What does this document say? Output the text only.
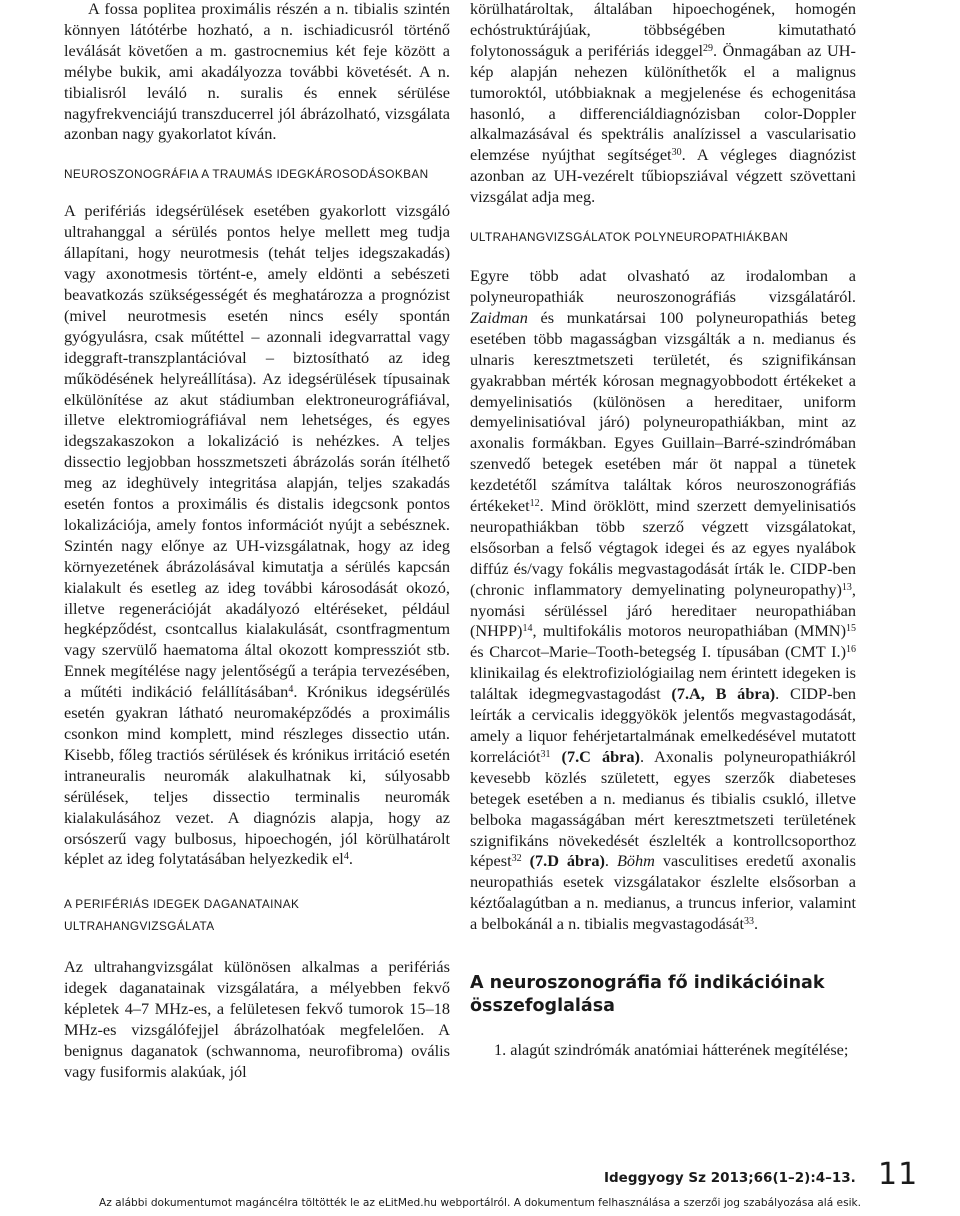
A fossa poplitea proximális részén a n. tibialis szintén könnyen látótérbe hozható, a n. ischiadicusról történő leválását követően a m. gastrocnemius két feje között a mélybe bukik, ami akadályozza további követését. A n. tibialisról leváló n. suralis és ennek sérülése nagyfrekvenciájú transzducerrel jól ábrázolható, vizsgálata azonban nagy gyakorlatot kíván.

NEUROSZONOGRÁFIA A TRAUMÁS IDEGKÁROSODÁSOKBAN

A perifériás idegsérülések esetében gyakorlott vizsgáló ultrahanggal a sérülés pontos helye mellett meg tudja állapítani, hogy neurotmesis (tehát teljes idegszakadás) vagy axonotmesis történt-e, amely eldönti a sebészeti beavatkozás szükségességét és meghatározza a prognózist (mivel neurotmesis esetén nincs esély spontán gyógyulásra, csak műtéttel – azonnali idegvarrattal vagy ideggraft-transzplantációval – biztosítható az ideg működésének helyreállítása). Az idegsérülések típusainak elkülönítése az akut stádiumban elektroneurográfiával, illetve elektromiográfiával nem lehetséges, és egyes idegszakaszokon a lokalizáció is nehézkes. A teljes dissectio legjobban hosszmetszeti ábrázolás során ítélhető meg az ideghüvely integritása alapján, teljes szakadás esetén fontos a proximális és distalis idegcsonk pontos lokalizációja, amely fontos információt nyújt a sebésznek. Szintén nagy előnye az UH-vizsgálatnak, hogy az ideg környezetének ábrázolásával kimutatja a sérülés kapcsán kialakult és esetleg az ideg további károsodását okozó, illetve regenerációját akadályozó eltéréseket, például hegképződést, csontcallus kialakulását, csontfragmentum vagy szervülő haematoma által okozott kompressziót stb. Ennek megítélése nagy jelentőségű a terápia tervezésében, a műtéti indikáció felállításában$^4$. Krónikus idegsérülés esetén gyakran látható neuromaképződés a proximális csonkon mind komplett, mind részleges dissectio után. Kisebb, főleg tractiós sérülések és krónikus irritáció esetén intraneuralis neuromák alakulhatnak ki, súlyosabb sérülések, teljes dissectio terminalis neuromák kialakulásához vezet. A diagnózis alapja, hogy az orsószerű vagy bulbosus, hipoechogén, jól körülhatárolt képlet az ideg folytatásában helyezkedik $el^4$.

A PERIFÉRIÁS IDEGEK DAGANATAINAK

ULTRAHANGVIZSGÁLATA

Az ultrahangvizsgálat különösen alkalmas a perifériás idegek daganatainak vizsgálatára, a mélyebben fekvő képletek 4–7 MHz-es, a felületesen fekvő tumorok 15–18 MHz-es vizsgálófejjel ábrázolhatóak megfelelően. A benignus daganatok (schwannoma, neurofibroma) ovális vagy fusiformis alakúak, jól

körülhatároltak, általában hipoechogének, homogén echóstruktúrájúak, többségében kimutatható folytonosságuk a perifériás ideggel$^{29}$. Önmagában az UH-kép alapján nehezen különíthetők el a malignus tumoroktól, utóbbiaknak a megjelenése és echogenitása hasonló, a differenciáldiagnózisban color-Doppler alkalmazásával és spektrális analízissel a vascularisatio elemzése nyújthat segítséget$^{30}$. A végleges diagnózist azonban az UH-vezérelt tűbiopsziával végzett szövettani vizsgálat adja meg.

ULTRAHANGVIZSGÁLATOK POLYNEUROPATHIÁKBAN

Egyre több adat olvasható az irodalomban a polyneuropathiák neuroszonográfiás vizsgálatáról. Zaidman és munkatársai 100 polyneuropathiás beteg esetében több magasságban vizsgálták a n. medianus és ulnaris keresztmetszeti területét, és szignifikánsan gyakrabban mérték kórosan megnagyobbodott értékeket a demyelinisatiós (különösen a hereditaer, uniform demyelinisatióval járó) polyneuropathiákban, mint az axonalis formákban. Egyes Guillain–Barré-szindrómában szenvedő betegek esetében már öt nappal a tünetek kezdetétől számítva találtak kóros neuroszonográfiás értékeket$^{12}$. Mind öröklött, mind szerzett demyelinisatiós neuropathiákban több szerző végzett vizsgálatokat, elsősorban a felső végtagok idegei és az egyes nyalábok diffúz és/vagy fokális megvastagodását írták le. CIDP-ben (chronic inflammatory demyelinating polyneuropathy)$^{13}$, nyomási sérüléssel járó hereditaer neuropathiában (NHPP)$^{14}$, multifokális motoros neuropathiában (MMN)$^{15}$ és Charcot–Marie–Tooth-betegség I. típusában (CMT I.)$^{16}$ klinikailag és elektrofiziológiailag nem érintett idegeken is találtak idegmegvastagodást (7.A, B ábra). CIDP-ben leírták a cervicalis ideggyökök jelentős megvastagodását, amely a liquor fehérjetartalmának emelkedésével mutatott korrelációt$^{31}$ (7.C ábra). Axonalis polyneuropathiákról kevesebb közlés született, egyes szerzők diabeteses betegek esetében a n. medianus és tibialis csukló, illetve belboka magasságában mért keresztmetszeti területének szignifikáns növekedését észlelték a kontrollcsoporthoz képest$^{32}$ (7.D ábra). Böhm vasculitises eredetű axonalis neuropathiás esetek vizsgálatakor észlelte elsősorban a kéztőalagútban a n. medianus, a truncus inferior, valamint a belbokánál a n. tibialis megvastagodását$^{33}$.

A neuroszonográfia fő indikációinak összefoglalása

1. alagút szindrómák anatómiai hátterének megítélése;

Ideggyogy Sz 2013;66(1–2):4–13. 11
Az alábbi dokumentumot magáncélra töltötték le az eLitMed.hu webportálról. A dokumentum felhasználása a szerzői jog szabályozása alá esik.
